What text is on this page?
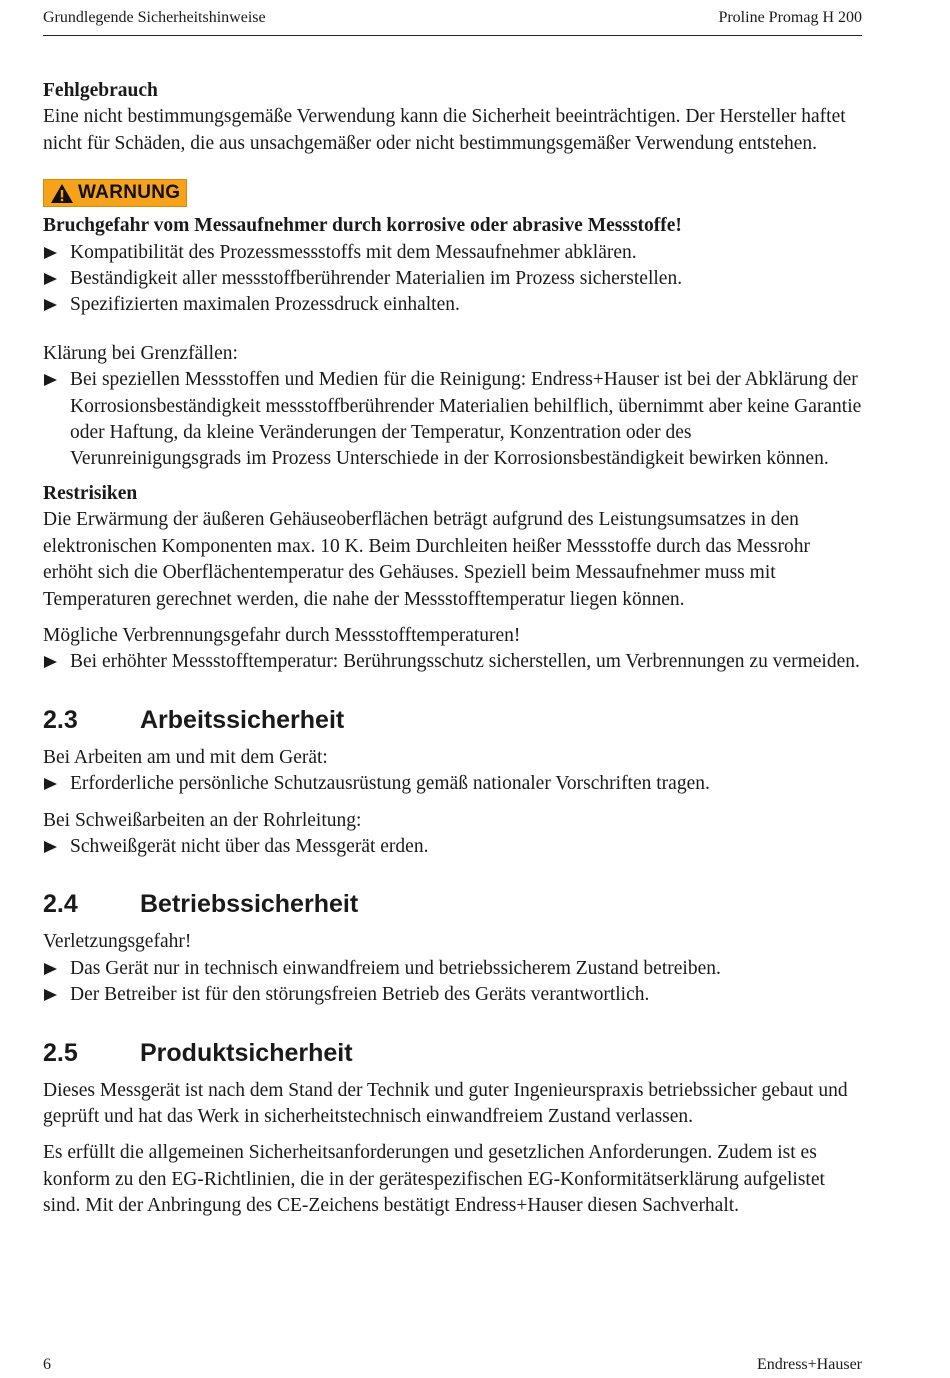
Grundlegende Sicherheitshinweise	Proline Promag H 200

Fehlgebrauch

Eine nicht bestimmungsgemäße Verwendung kann die Sicherheit beeinträchtigen. Der Hersteller haftet nicht für Schäden, die aus unsachgemäßer oder nicht bestimmungsgemäßer Verwendung entstehen.

WARNUNG

Bruchgefahr vom Messaufnehmer durch korrosive oder abrasive Messstoffe!

Kompatibilität des Prozessmessstoffs mit dem Messaufnehmer abklären.
Beständigkeit aller messstoffberührender Materialien im Prozess sicherstellen.
Spezifizierten maximalen Prozessdruck einhalten.

Klärung bei Grenzfällen:

Bei speziellen Messstoffen und Medien für die Reinigung: Endress+Hauser ist bei der Abklärung der Korrosionsbeständigkeit messstoffberührender Materialien behilflich, übernimmt aber keine Garantie oder Haftung, da kleine Veränderungen der Temperatur, Konzentration oder des Verunreinigungsgrads im Prozess Unterschiede in der Korrosionsbeständigkeit bewirken können.

Restrisiken

Die Erwärmung der äußeren Gehäuseoberflächen beträgt aufgrund des Leistungsumsatzes in den elektronischen Komponenten max. 10 K. Beim Durchleiten heißer Messstoffe durch das Messrohr erhöht sich die Oberflächentemperatur des Gehäuses. Speziell beim Messaufnehmer muss mit Temperaturen gerechnet werden, die nahe der Messstofftemperatur liegen können.

Mögliche Verbrennungsgefahr durch Messstofftemperaturen!

Bei erhöhter Messstofftemperatur: Berührungsschutz sicherstellen, um Verbrennungen zu vermeiden.
2.3	Arbeitssicherheit

Bei Arbeiten am und mit dem Gerät:

Erforderliche persönliche Schutzausrüstung gemäß nationaler Vorschriften tragen.

Bei Schweißarbeiten an der Rohrleitung:

Schweißgerät nicht über das Messgerät erden.
2.4	Betriebssicherheit

Verletzungsgefahr!

Das Gerät nur in technisch einwandfreiem und betriebssicherem Zustand betreiben.
Der Betreiber ist für den störungsfreien Betrieb des Geräts verantwortlich.
2.5	Produktsicherheit

Dieses Messgerät ist nach dem Stand der Technik und guter Ingenieurspraxis betriebssicher gebaut und geprüft und hat das Werk in sicherheitstechnisch einwandfreiem Zustand verlassen.

Es erfüllt die allgemeinen Sicherheitsanforderungen und gesetzlichen Anforderungen. Zudem ist es konform zu den EG-Richtlinien, die in der gerätespezifischen EG-Konformitätserklärung aufgelistet sind. Mit der Anbringung des CE-Zeichens bestätigt Endress+Hauser diesen Sachverhalt.

6	Endress+Hauser
